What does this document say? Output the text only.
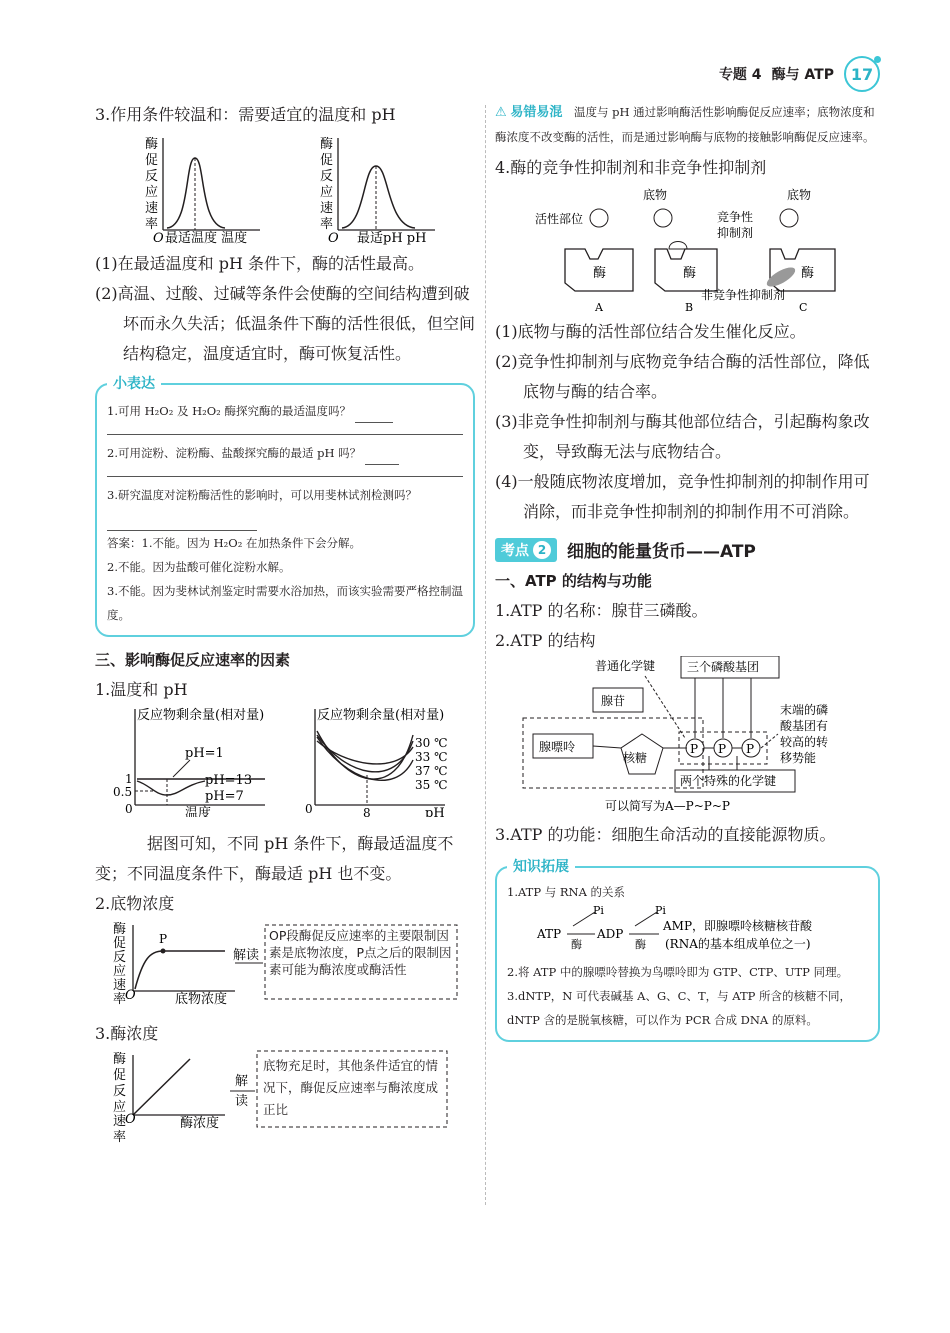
专题 4 酶与 ATP	17
3.作用条件较温和：需要适宜的温度和 pH
酶
促
反
应
速
率
O 最适温度 温度
酶
促
反
应
速
率
O 最适pH pH
(1)在最适温度和 pH 条件下，酶的活性最高。
(2)高温、过酸、过碱等条件会使酶的空间结构遭到破坏而永久失活；低温条件下酶的活性很低，但空间结构稳定，温度适宜时，酶可恢复活性。
小表达
1.可用 H₂O₂ 及 H₂O₂ 酶探究酶的最适温度吗？
2.可用淀粉、淀粉酶、盐酸探究酶的最适 pH 吗？
3.研究温度对淀粉酶活性的影响时，可以用斐林试剂检测吗？
答案：1.不能。因为 H₂O₂ 在加热条件下会分解。
2.不能。因为盐酸可催化淀粉水解。
3.不能。因为斐林试剂鉴定时需要水浴加热，而该实验需要严格控制温度。
三、影响酶促反应速率的因素
1.温度和 pH
反应物剩余量(相对量)
pH=1
pH=13
pH=7
1
0.5
0	温度
反应物剩余量(相对量)
30 ℃
33 ℃
37 ℃
35 ℃
0	8	pH
据图可知，不同 pH 条件下，酶最适温度不变；不同温度条件下，酶最适 pH 也不变。
2.底物浓度
酶
促
反
应
速
率
P
O	底物浓度
解读
OP段酶促反应速率的主要限制因素是底物浓度，P点之后的限制因素可能为酶浓度或酶活性
3.酶浓度
酶
促
反
应
速
率
O	酶浓度
解
读
底物充足时，其他条件适宜的情况下，酶促反应速率与酶浓度成正比
⚠ 易错易混 温度与 pH 通过影响酶活性影响酶促反应速率；底物浓度和酶浓度不改变酶的活性，而是通过影响酶与底物的接触影响酶促反应速率。
4.酶的竞争性抑制剂和非竞争性抑制剂
底物	底物
活性部位	竞争性
抑制剂
酶	酶	酶
非竞争性抑制剂
A	B	C
(1)底物与酶的活性部位结合发生催化反应。
(2)竞争性抑制剂与底物竞争结合酶的活性部位，降低底物与酶的结合率。
(3)非竞争性抑制剂与酶其他部位结合，引起酶构象改变，导致酶无法与底物结合。
(4)一般随底物浓度增加，竞争性抑制剂的抑制作用可消除，而非竞争性抑制剂的抑制作用不可消除。
考点 2 细胞的能量货币——ATP
一、ATP 的结构与功能
1.ATP 的名称：腺苷三磷酸。
2.ATP 的结构
普通化学键	三个磷酸基团
腺苷
腺嘌呤
核糖
P P P
末端的磷
酸基团有
较高的转
移势能
两个特殊的化学键
可以简写为A—P~P~P
3.ATP 的功能：细胞生命活动的直接能源物质。
知识拓展
1.ATP 与 RNA 的关系
ATP
Pi
酶
ADP
Pi
酶
AMP，即腺嘌呤核糖核苷酸
(RNA的基本组成单位之一)
2.将 ATP 中的腺嘌呤替换为鸟嘌呤即为 GTP、CTP、UTP 同理。
3.dNTP，N 可代表碱基 A、G、C、T，与 ATP 所含的核糖不同，dNTP 含的是脱氧核糖，可以作为 PCR 合成 DNA 的原料。
